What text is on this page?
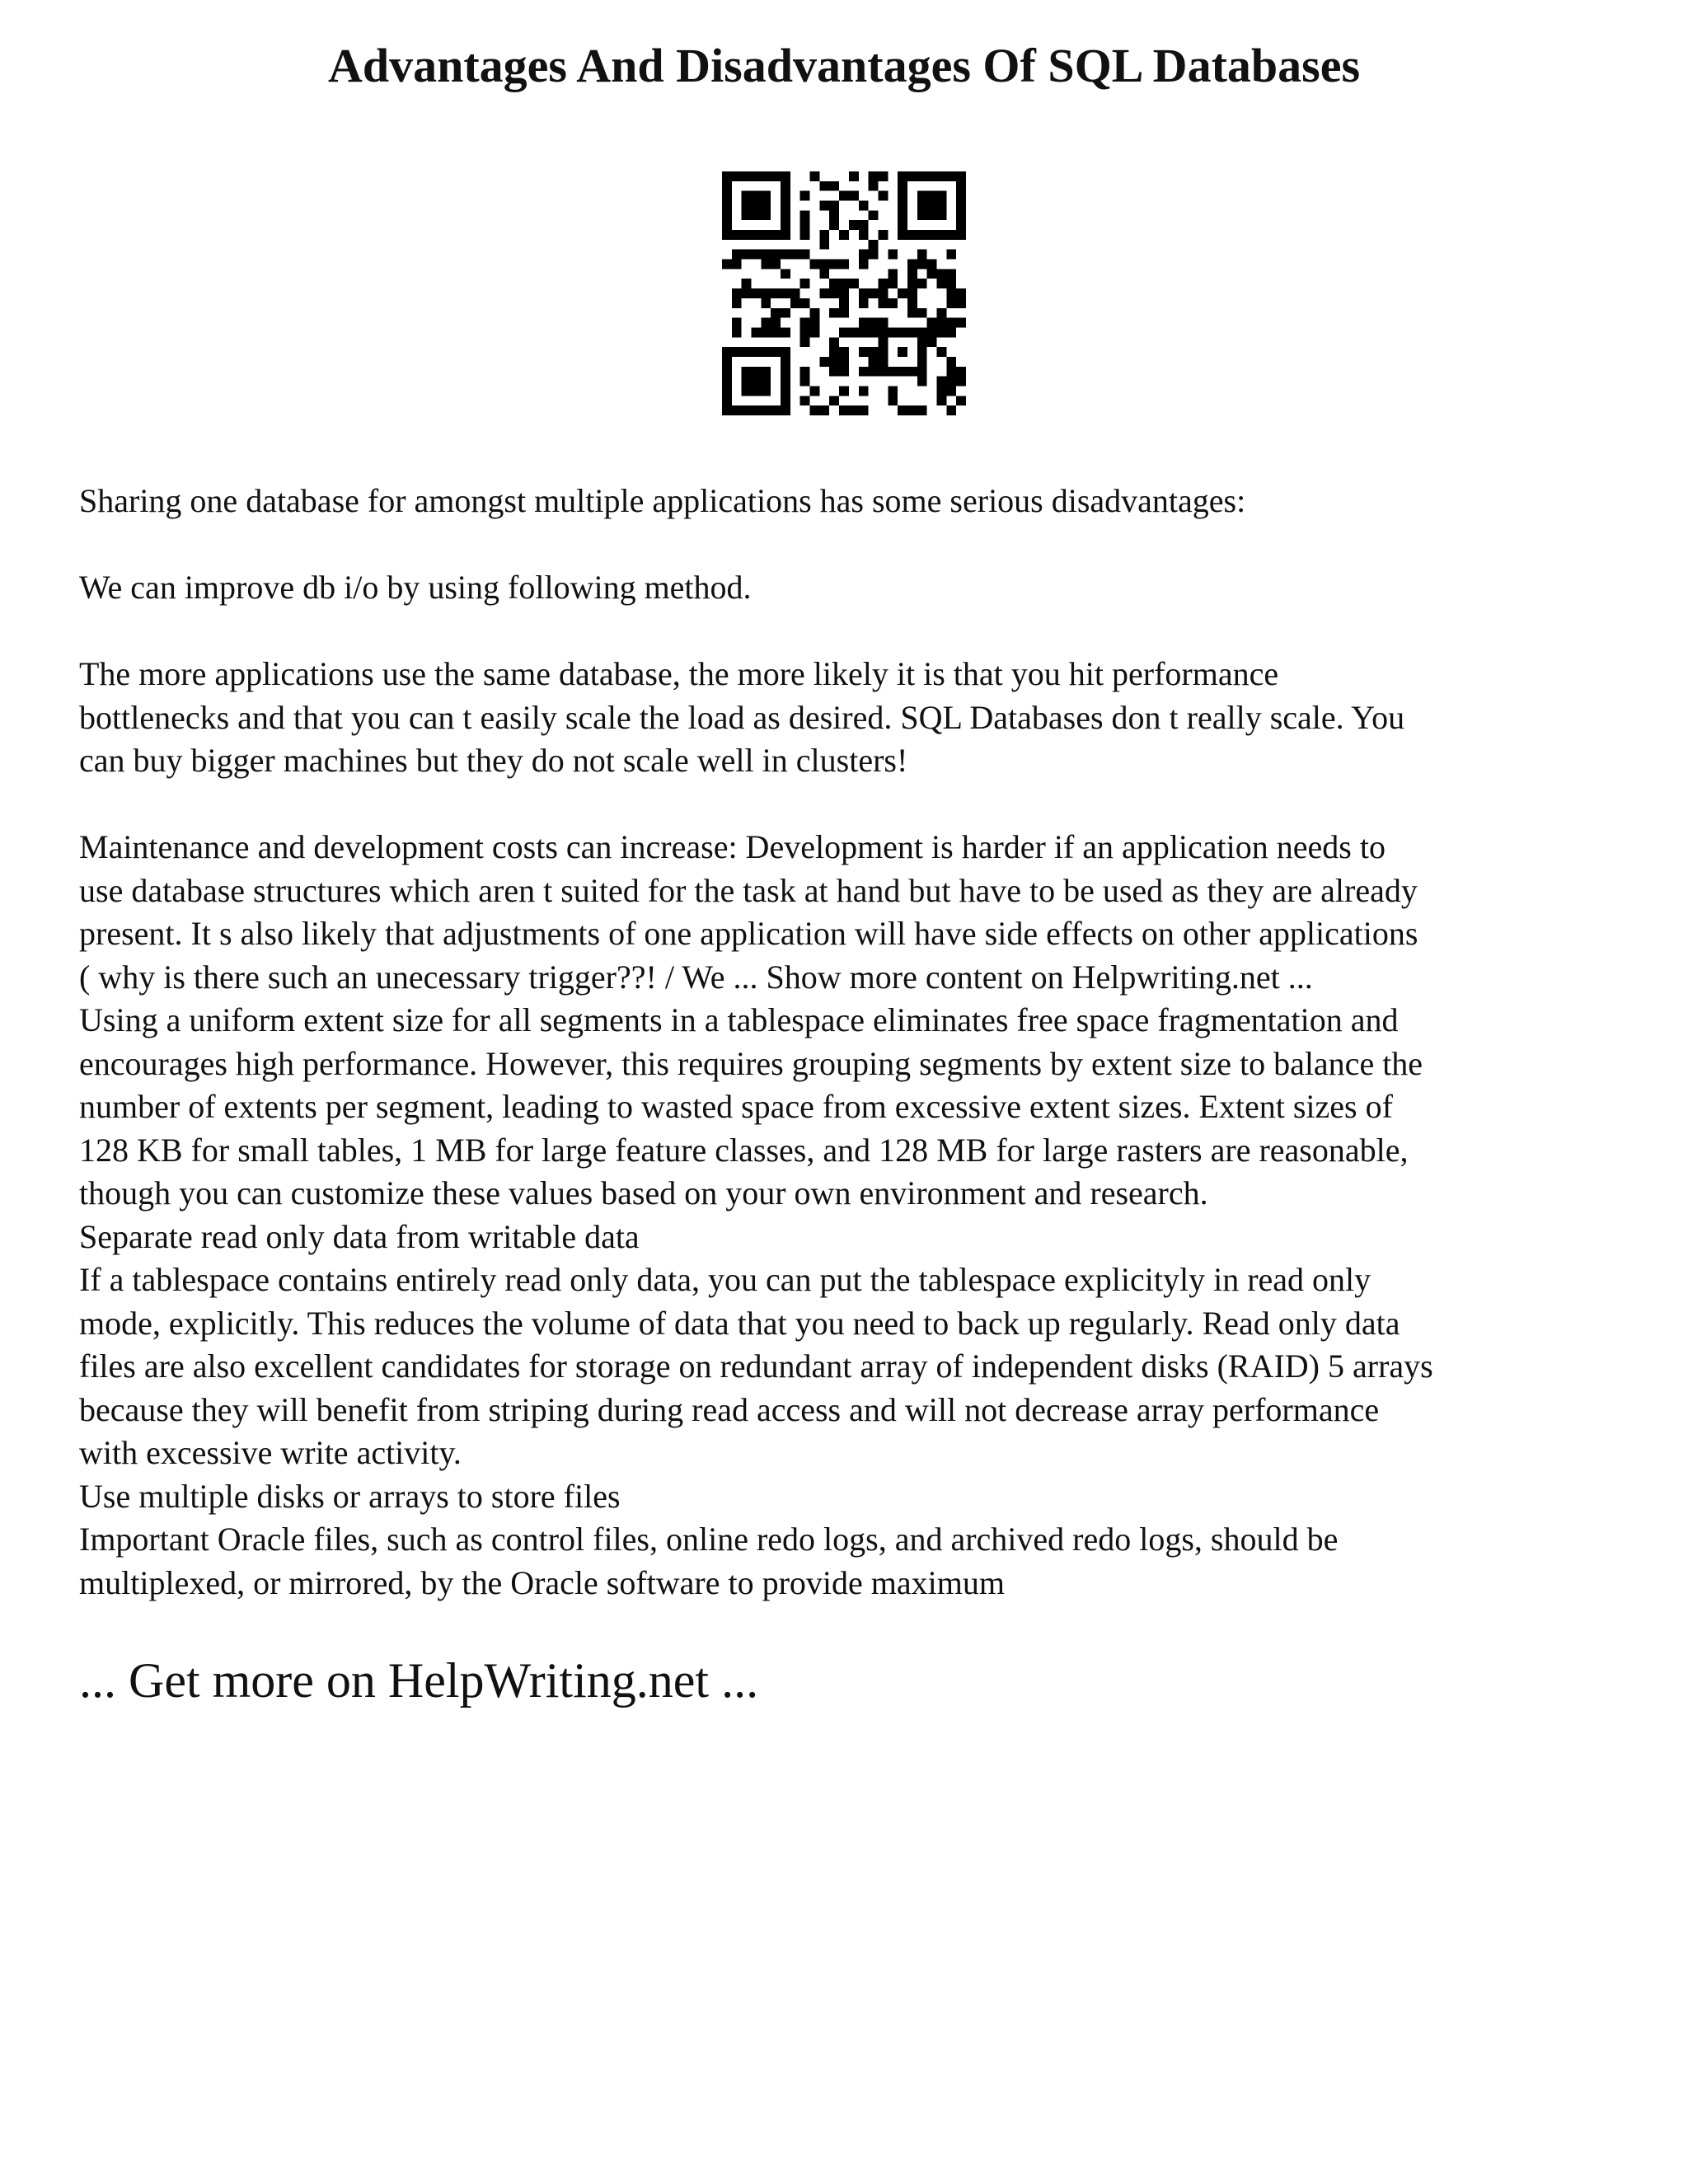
Advantages And Disadvantages Of SQL Databases

Sharing one database for amongst multiple applications has some serious disadvantages:

We can improve db i/o by using following method.

The more applications use the same database, the more likely it is that you hit performance
bottlenecks and that you can t easily scale the load as desired. SQL Databases don t really scale. You
can buy bigger machines but they do not scale well in clusters!

Maintenance and development costs can increase: Development is harder if an application needs to
use database structures which aren t suited for the task at hand but have to be used as they are already
present. It s also likely that adjustments of one application will have side effects on other applications
( why is there such an unecessary trigger??! / We ... Show more content on Helpwriting.net ...
Using a uniform extent size for all segments in a tablespace eliminates free space fragmentation and
encourages high performance. However, this requires grouping segments by extent size to balance the
number of extents per segment, leading to wasted space from excessive extent sizes. Extent sizes of
128 KB for small tables, 1 MB for large feature classes, and 128 MB for large rasters are reasonable,
though you can customize these values based on your own environment and research.
Separate read only data from writable data
If a tablespace contains entirely read only data, you can put the tablespace explicityly in read only
mode, explicitly. This reduces the volume of data that you need to back up regularly. Read only data
files are also excellent candidates for storage on redundant array of independent disks (RAID) 5 arrays
because they will benefit from striping during read access and will not decrease array performance
with excessive write activity.
Use multiple disks or arrays to store files
Important Oracle files, such as control files, online redo logs, and archived redo logs, should be
multiplexed, or mirrored, by the Oracle software to provide maximum

... Get more on HelpWriting.net ...
